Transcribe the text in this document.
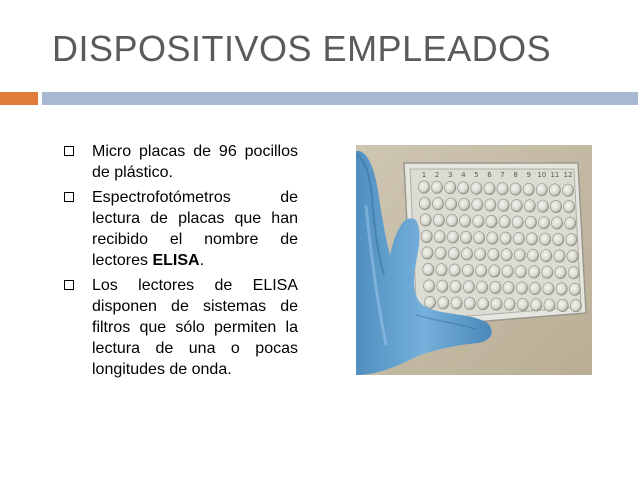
DISPOSITIVOS EMPLEADOS
Micro placas de 96 pocillos de plástico.
Espectrofotómetros de lectura de placas que han recibido el nombre de lectores ELISA.
Los lectores de ELISA disponen de sistemas de filtros que sólo permiten la lectura de una o pocas longitudes de onda.
1 2 3 4 5 6 7 8 9 10 11 12
